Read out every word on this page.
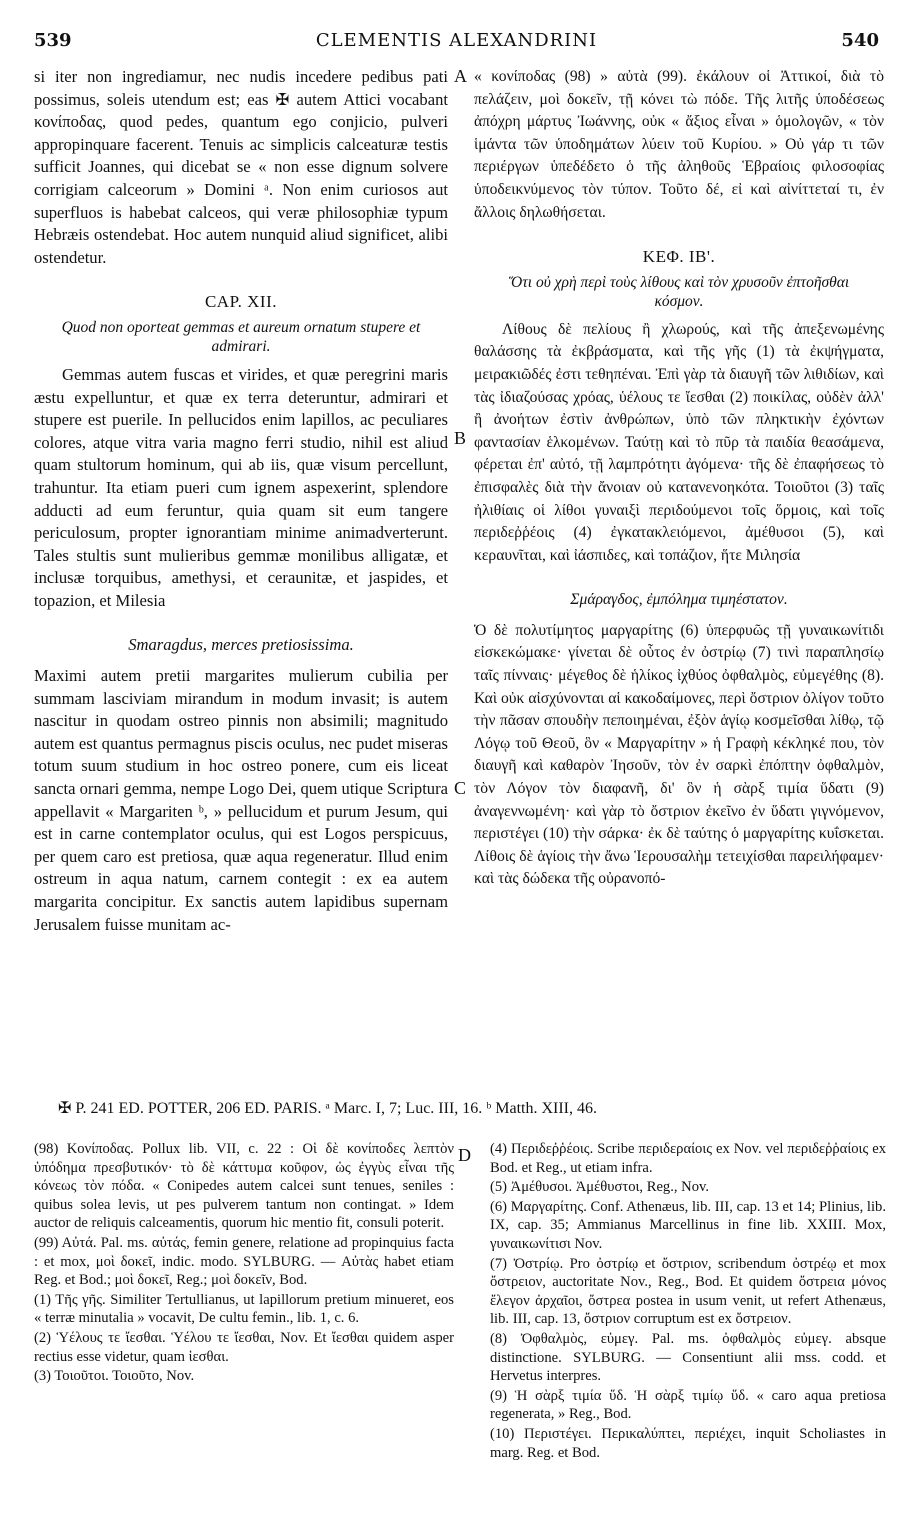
539	CLEMENTIS ALEXANDRINI	540
A
B
C
D

si iter non ingrediamur, nec nudis incedere pedibus pati possimus, soleis utendum est; eas ✠ autem Attici vocabant κονίποδας, quod pedes, quantum ego conjicio, pulveri appropinquare facerent. Tenuis ac simplicis calceaturæ testis sufficit Joannes, qui dicebat se « non esse dignum solvere corrigiam calceorum » Domini ᵃ. Non enim curiosos aut superfluos is habebat calceos, qui veræ philosophiæ typum Hebræis ostendebat. Hoc autem nunquid aliud significet, alibi ostendetur.

CAP. XII.
Quod non oporteat gemmas et aureum ornatum stupere et admirari.

Gemmas autem fuscas et virides, et quæ peregrini maris æstu expelluntur, et quæ ex terra deteruntur, admirari et stupere est puerile. In pellucidos enim lapillos, ac peculiares colores, atque vitra varia magno ferri studio, nihil est aliud quam stultorum hominum, qui ab iis, quæ visum percellunt, trahuntur. Ita etiam pueri cum ignem aspexerint, splendore adducti ad eum feruntur, quia quam sit eum tangere periculosum, propter ignorantiam minime animadverterunt. Tales stultis sunt mulieribus gemmæ monilibus alligatæ, et inclusæ torquibus, amethysi, et ceraunitæ, et jaspides, et topazion, et Milesia

Smaragdus, merces pretiosissima.

Maximi autem pretii margarites mulierum cubilia per summam lasciviam mirandum in modum invasit; is autem nascitur in quodam ostreo pinnis non absimili; magnitudo autem est quantus permagnus piscis oculus, nec pudet miseras totum suum studium in hoc ostreo ponere, cum eis liceat sancta ornari gemma, nempe Logo Dei, quem utique Scriptura appellavit « Margariten ᵇ, » pellucidum et purum Jesum, qui est in carne contemplator oculus, qui est Logos perspicuus, per quem caro est pretiosa, quæ aqua regeneratur. Illud enim ostreum in aqua natum, carnem contegit : ex ea autem margarita concipitur. Ex sanctis autem lapidibus supernam Jerusalem fuisse munitam ac-

« κονίποδας (98) » αὐτὰ (99). ἐκάλουν οἱ Ἀττικοί, διὰ τὸ πελάζειν, μοὶ δοκεῖν, τῇ κόνει τὼ πόδε. Τῆς λιτῆς ὑποδέσεως ἀπόχρη μάρτυς Ἰωάννης, οὐκ « ἄξιος εἶναι » ὁμολογῶν, « τὸν ἱμάντα τῶν ὑποδημάτων λύειν τοῦ Κυρίου. » Οὐ γάρ τι τῶν περιέργων ὑπεδέδετο ὁ τῆς ἀληθοῦς Ἑβραίοις φιλοσοφίας ὑποδεικνύμενος τὸν τύπον. Τοῦτο δέ, εἰ καὶ αἰνίττεταί τι, ἐν ἄλλοις δηλωθήσεται.

ΚΕΦ. ΙΒ'.
Ὅτι οὐ χρὴ περὶ τοὺς λίθους καὶ τὸν χρυσοῦν ἐπτοῆσθαι κόσμον.

Λίθους δὲ πελίους ἢ χλωρούς, καὶ τῆς ἀπεξενωμένης θαλάσσης τὰ ἐκβράσματα, καὶ τῆς γῆς (1) τὰ ἐκψήγματα, μειρακιῶδές ἐστι τεθηπέναι. Ἐπὶ γὰρ τὰ διαυγῆ τῶν λιθιδίων, καὶ τὰς ἰδιαζούσας χρόας, ὑέλους τε ἴεσθαι (2) ποικίλας, οὐδὲν ἀλλ' ἢ ἀνοήτων ἐστὶν ἀνθρώπων, ὑπὸ τῶν πληκτικὴν ἐχόντων φαντασίαν ἑλκομένων. Ταύτῃ καὶ τὸ πῦρ τὰ παιδία θεασάμενα, φέρεται ἐπ' αὐτό, τῇ λαμπρότητι ἀγόμενα· τῆς δὲ ἐπαφήσεως τὸ ἐπισφαλὲς διὰ τὴν ἄνοιαν οὐ κατανενοηκότα. Τοιοῦτοι (3) ταῖς ἠλιθίαις οἱ λίθοι γυναιξὶ περιδούμενοι τοῖς ὅρμοις, καὶ τοῖς περιδεῤῥέοις (4) ἐγκατακλειόμενοι, ἀμέθυσοι (5), καὶ κεραυνῖται, καὶ ἰάσπιδες, καὶ τοπάζιον, ἥτε Μιλησία

Σμάραγδος, ἐμπόλημα τιμηέστατον.

Ὁ δὲ πολυτίμητος μαργαρίτης (6) ὑπερφυῶς τῇ γυναικωνίτιδι εἰσκεκώμακε· γίνεται δὲ οὗτος ἐν ὀστρίῳ (7) τινὶ παραπλησίῳ ταῖς πίνναις· μέγεθος δὲ ἡλίκος ἰχθύος ὀφθαλμὸς, εὐμεγέθης (8). Καὶ οὐκ αἰσχύνονται αἱ κακοδαίμονες, περὶ ὄστριον ὀλίγον τοῦτο τὴν πᾶσαν σπουδὴν πεποιημέναι, ἐξὸν ἁγίῳ κοσμεῖσθαι λίθῳ, τῷ Λόγῳ τοῦ Θεοῦ, ὃν « Μαργαρίτην » ἡ Γραφὴ κέκληκέ που, τὸν διαυγῆ καὶ καθαρὸν Ἰησοῦν, τὸν ἐν σαρκὶ ἐπόπτην ὀφθαλμὸν, τὸν Λόγον τὸν διαφανῆ, δι' ὃν ἡ σὰρξ τιμία ὕδατι (9) ἀναγεννωμένη· καὶ γὰρ τὸ ὄστριον ἐκεῖνο ἐν ὕδατι γιγνόμενον, περιστέγει (10) τὴν σάρκα· ἐκ δὲ ταύτης ὁ μαργαρίτης κυΐσκεται. Λίθοις δὲ ἁγίοις τὴν ἄνω Ἱερουσαλὴμ τετειχίσθαι παρειλήφαμεν· καὶ τὰς δώδεκα τῆς οὐρανοπό-

✠ P. 241 ED. POTTER, 206 ED. PARIS. ᵃ Marc. I, 7; Luc. III, 16. ᵇ Matth. XIII, 46.

(98) Κονίποδας. Pollux lib. VII, c. 22 : Οἱ δὲ κονίποδες λεπτὸν ὑπόδημα πρεσβυτικόν· τὸ δὲ κάττυμα κοῦφον, ὡς ἐγγὺς εἶναι τῆς κόνεως τὸν πόδα. « Conipedes autem calcei sunt tenues, seniles : quibus solea levis, ut pes pulverem tantum non contingat. » Idem auctor de reliquis calceamentis, quorum hic mentio fit, consuli poterit.

(99) Αὐτά. Pal. ms. αὐτάς, femin genere, relatione ad propinquius facta : et mox, μοὶ δοκεῖ, indic. modo. SYLBURG. — Αὐτὰς habet etiam Reg. et Bod.; μοὶ δοκεῖ, Reg.; μοὶ δοκεῖν, Bod.

(1) Τῆς γῆς. Similiter Tertullianus, ut lapillorum pretium minueret, eos « terræ minutalia » vocavit, De cultu femin., lib. 1, c. 6.

(2) Ὑέλους τε ἴεσθαι. Ὑέλου τε ἴεσθαι, Nov. Et ἴεσθαι quidem asper rectius esse videtur, quam ἱεσθαι.

(3) Τοιοῦτοι. Τοιοῦτο, Nov.

(4) Περιδεῤῥέοις. Scribe περιδεραίοις ex Nov. vel περιδεῤῥαίοις ex Bod. et Reg., ut etiam infra.

(5) Ἀμέθυσοι. Ἀμέθυστοι, Reg., Nov.

(6) Μαργαρίτης. Conf. Athenæus, lib. III, cap. 13 et 14; Plinius, lib. IX, cap. 35; Ammianus Marcellinus in fine lib. XXIII. Mox, γυναικωνίτισι Nov.

(7) Ὀστρίῳ. Pro ὀστρίῳ et ὄστριον, scribendum ὀστρέῳ et mox ὄστρειον, auctoritate Nov., Reg., Bod. Et quidem ὄστρεια μόνος ἔλεγον ἀρχαῖοι, ὄστρεα postea in usum venit, ut refert Athenæus, lib. III, cap. 13, ὄστριον corruptum est ex ὄστρειον.

(8) Ὀφθαλμὸς, εὐμεγ. Pal. ms. ὀφθαλμὸς εὐμεγ. absque distinctione. SYLBURG. — Consentiunt alii mss. codd. et Hervetus interpres.

(9) Ἡ σὰρξ τιμία ὕδ. Ἡ σὰρξ τιμίῳ ὕδ. « caro aqua pretiosa regenerata, » Reg., Bod.

(10) Περιστέγει. Περικαλύπτει, περιέχει, inquit Scholiastes in marg. Reg. et Bod.
